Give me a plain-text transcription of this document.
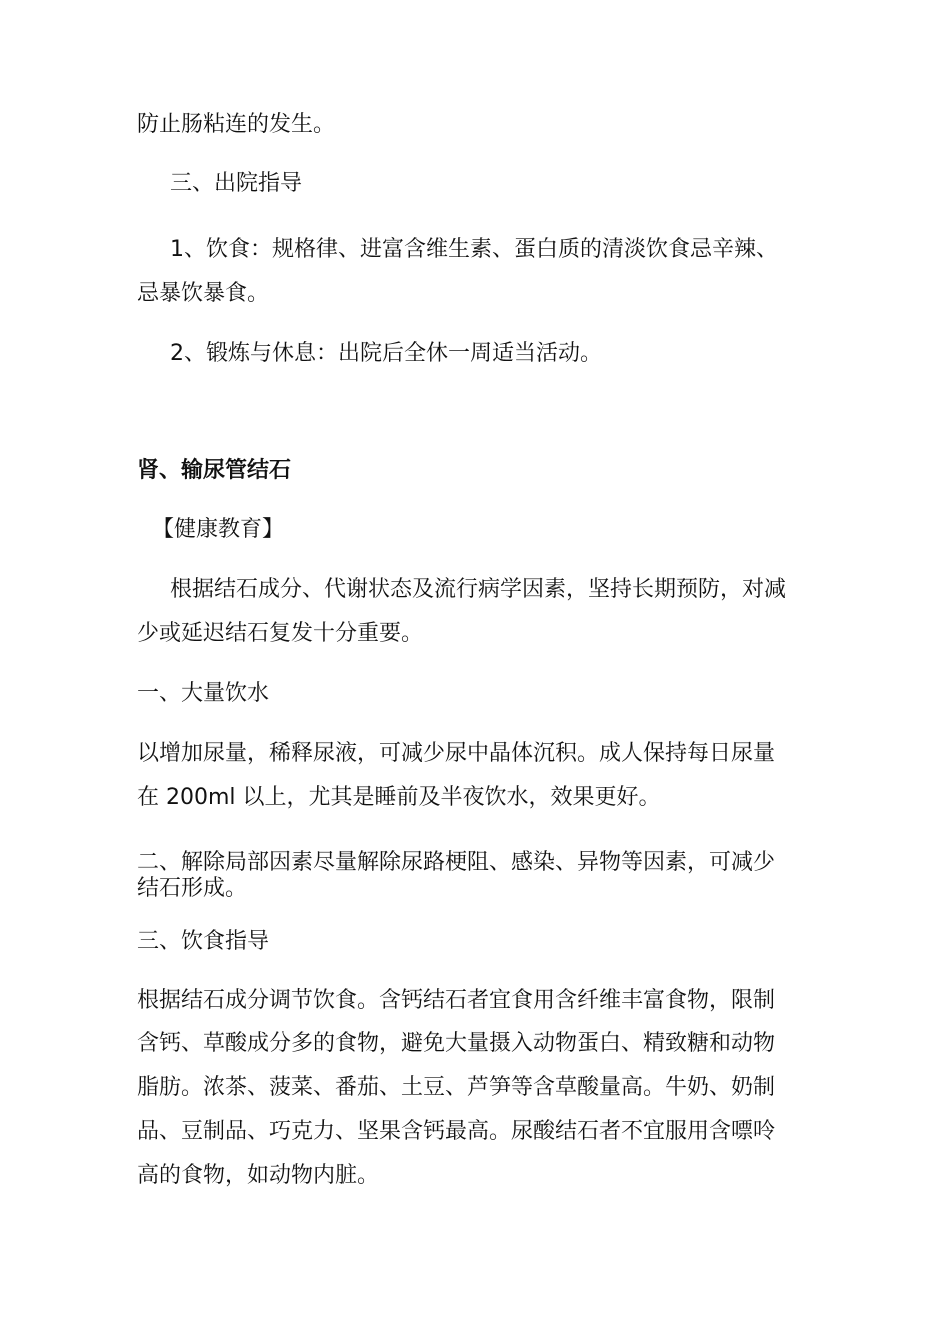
防止肠粘连的发生。

三、出院指导

1、饮食：规格律、进富含维生素、蛋白质的清淡饮食忌辛辣、

忌暴饮暴食。

2、锻炼与休息：出院后全休一周适当活动。

肾、输尿管结石

【健康教育】

根据结石成分、代谢状态及流行病学因素，坚持长期预防，对减

少或延迟结石复发十分重要。

一、大量饮水

以增加尿量，稀释尿液，可减少尿中晶体沉积。成人保持每日尿量

在 200ml 以上，尤其是睡前及半夜饮水，效果更好。

二、解除局部因素尽量解除尿路梗阻、感染、异物等因素，可减少

结石形成。

三、饮食指导

根据结石成分调节饮食。含钙结石者宜食用含纤维丰富食物，限制

含钙、草酸成分多的食物，避免大量摄入动物蛋白、精致糖和动物

脂肪。浓茶、菠菜、番茄、土豆、芦笋等含草酸量高。牛奶、奶制

品、豆制品、巧克力、坚果含钙最高。尿酸结石者不宜服用含嘌呤

高的食物，如动物内脏。
